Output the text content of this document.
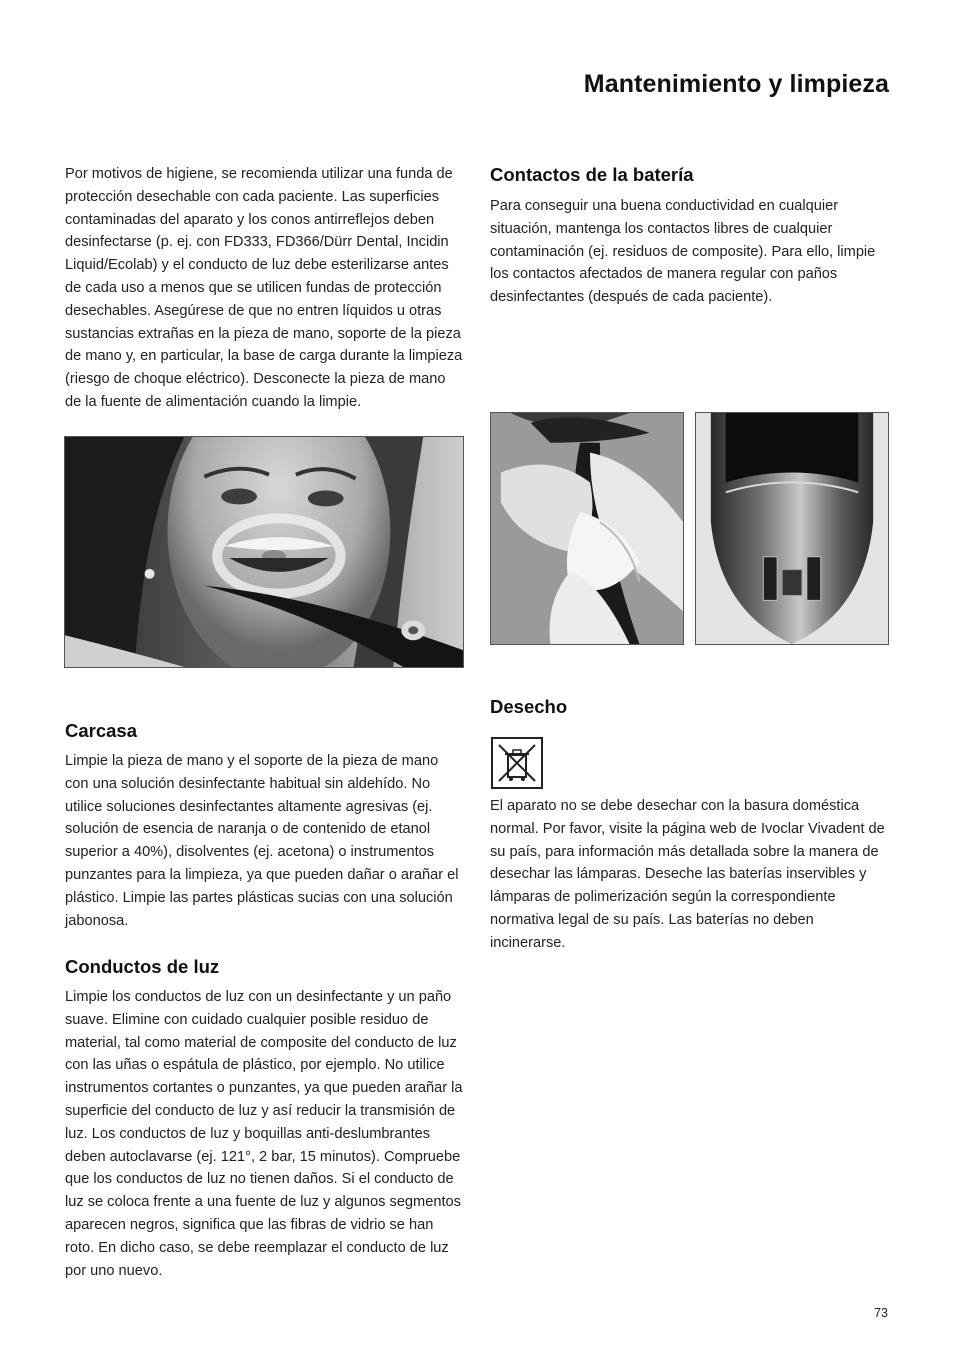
Mantenimiento y limpieza

Por motivos de higiene, se recomienda utilizar una funda de protección desechable con cada paciente. Las superficies contaminadas del aparato y los conos antirreflejos deben desinfectarse (p. ej. con FD333, FD366/Dürr Dental, Incidin Liquid/Ecolab) y el conducto de luz debe esterilizarse antes de cada uso a menos que se utilicen fundas de protección desechables. Asegúrese de que no entren líquidos u otras sustancias extrañas en la pieza de mano, soporte de la pieza de mano y, en particular, la base de carga durante la limpieza (riesgo de choque eléctrico). Desconecte la pieza de mano de la fuente de alimentación cuando la limpie.

Contactos de la batería

Para conseguir una buena conductividad en cualquier situación, mantenga los contactos libres de cualquier contaminación (ej. residuos de composite). Para ello, limpie los contactos afectados de manera regular con paños desinfectantes (después de cada paciente).

Carcasa

Limpie la pieza de mano y el soporte de la pieza de mano con una solución desinfectante habitual sin aldehído. No utilice soluciones desinfectantes altamente agresivas (ej. solución de esencia de naranja o de contenido de etanol superior a 40%), disolventes (ej. acetona) o instrumentos punzantes para la limpieza, ya que pueden dañar o arañar el plástico. Limpie las partes plásticas sucias con una solución jabonosa.

Conductos de luz

Limpie los conductos de luz con un desinfectante y un paño suave. Elimine con cuidado cualquier posible residuo de material, tal como material de composite del conducto de luz con las uñas o espátula de plástico, por ejemplo. No utilice instrumentos cortantes o punzantes, ya que pueden arañar la superficie del conducto de luz y así reducir la transmisión de luz. Los conductos de luz y boquillas anti-deslumbrantes deben autoclavarse (ej. 121°, 2 bar, 15 minutos). Compruebe que los conductos de luz no tienen daños. Si el conducto de luz se coloca frente a una fuente de luz y algunos segmentos aparecen negros, significa que las fibras de vidrio se han roto. En dicho caso, se debe reemplazar el conducto de luz por uno nuevo.

Desecho

El aparato no se debe desechar con la basura doméstica normal. Por favor, visite la página web de Ivoclar Vivadent de su país, para información más detallada sobre la manera de desechar las lámparas. Deseche las baterías inservibles y lámparas de polimerización según la correspondiente normativa legal de su país. Las baterías no deben incinerarse.

73
